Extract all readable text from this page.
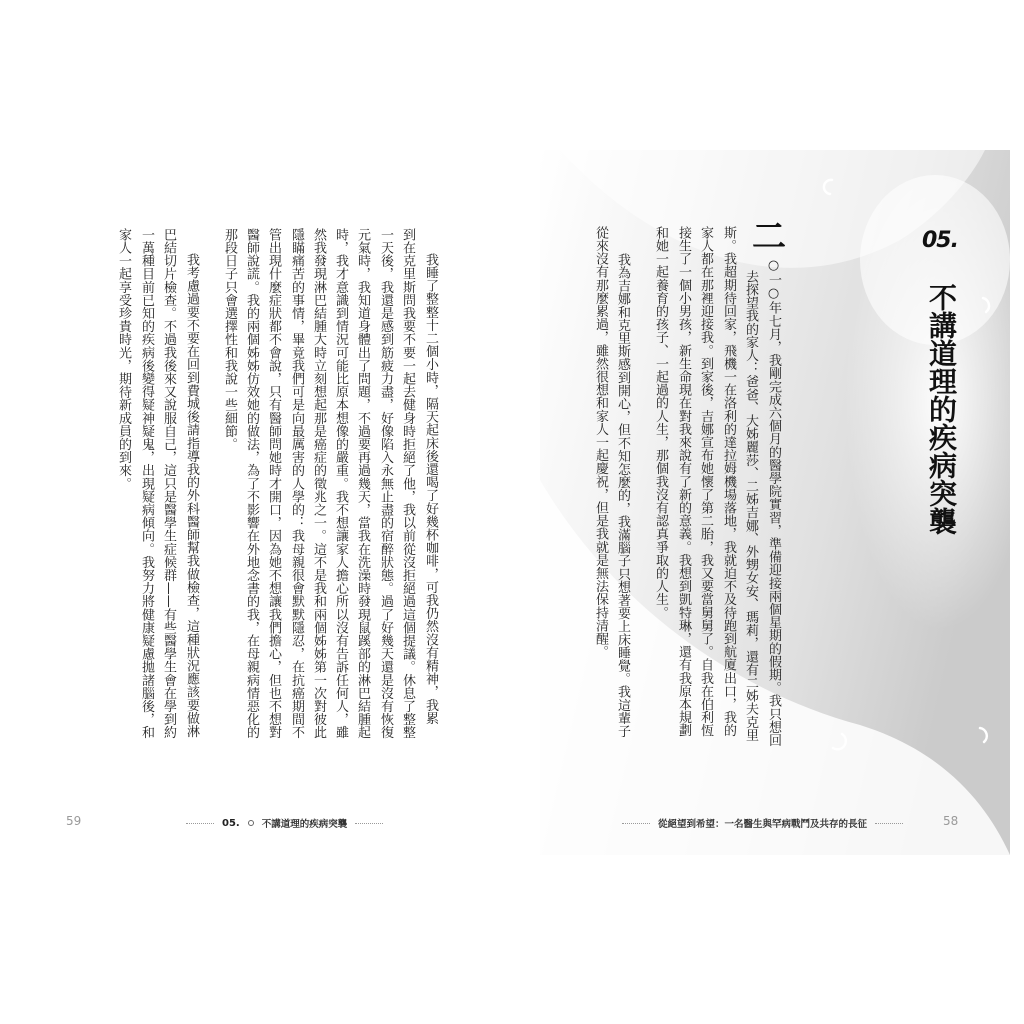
05.
不講道理的疾病突襲
二
○一○年七月，我剛完成六個月的醫學院實習，準備迎接兩個星期的假期。我只想回
去探望我的家人：爸爸、大姊麗莎、二姊吉娜、外甥女安、瑪莉，還有二姊夫克里
斯。我超期待回家，飛機一在洛利的達拉姆機場落地，我就迫不及待跑到航廈出口，我的
家人都在那裡迎接我。到家後，吉娜宣布她懷了第二胎，我又要當舅舅了。自我在伯利恆
接生了一個小男孩，新生命現在對我來說有了新的意義。我想到凱特琳，還有我原本規劃
和她一起養育的孩子、一起過的人生，那個我沒有認真爭取的人生。
我為吉娜和克里斯感到開心，但不知怎麼的，我滿腦子只想著要上床睡覺。我這輩子
從來沒有那麼累過，雖然很想和家人一起慶祝，但是我就是無法保持清醒。
從絕望到希望：一名醫生與罕病戰鬥及共存的長征	58
我睡了整整十二個小時，隔天起床後還喝了好幾杯咖啡，可我仍然沒有精神，我累
到在克里斯問我要不要一起去健身時拒絕了他，我以前從沒拒絕過這個提議。休息了整整
一天後，我還是感到筋疲力盡，好像陷入永無止盡的宿醉狀態。過了好幾天還是沒有恢復
元氣時，我知道身體出了問題，不過要再過幾天，當我在洗澡時發現鼠蹊部的淋巴結腫起
時，我才意識到情況可能比原本想像的嚴重。我不想讓家人擔心所以沒有告訴任何人，雖
然我發現淋巴結腫大時立刻想起那是癌症的徵兆之一。這不是我和兩個姊姊第一次對彼此
隱瞞痛苦的事情，畢竟我們可是向最厲害的人學的：我母親很會默默隱忍，在抗癌期間不
管出現什麼症狀都不會說，只有醫師問她時才開口，因為她不想讓我們擔心，但也不想對
醫師說謊。我的兩個姊姊仿效她的做法，為了不影響在外地念書的我，在母親病情惡化的
那段日子只會選擇性和我說一些細節。
我考慮過要不要在回到費城後請指導我的外科醫師幫我做檢查，這種狀況應該要做淋
巴結切片檢查。不過我後來又說服自己，這只是醫學生症候群——有些醫學生會在學到約
一萬種目前已知的疾病後變得疑神疑鬼，出現疑病傾向。我努力將健康疑慮拋諸腦後，和
家人一起享受珍貴時光，期待新成員的到來。
59	05. 不講道理的疾病突襲
